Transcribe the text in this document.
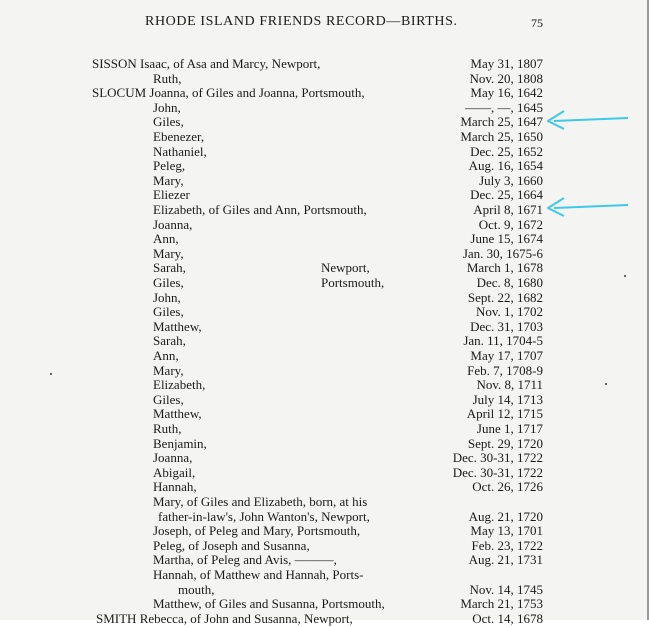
RHODE ISLAND FRIENDS RECORD—BIRTHS.	75
SISSON Isaac, of Asa and Marcy, Newport,	May 31, 1807
Ruth,	Nov. 20, 1808
SLOCUM Joanna, of Giles and Joanna, Portsmouth,	May 16, 1642
John,	——, —, 1645
Giles,	March 25, 1647
Ebenezer,	March 25, 1650
Nathaniel,	Dec. 25, 1652
Peleg,	Aug. 16, 1654
Mary,	July 3, 1660
Eliezer	Dec. 25, 1664
Elizabeth, of Giles and Ann, Portsmouth,	April 8, 1671
Joanna,	Oct. 9, 1672
Ann,	June 15, 1674
Mary,	Jan. 30, 1675-6
Sarah,	Newport,	March 1, 1678
Giles,	Portsmouth,	Dec. 8, 1680
John,	Sept. 22, 1682
Giles,	Nov. 1, 1702
Matthew,	Dec. 31, 1703
Sarah,	Jan. 11, 1704-5
Ann,	May 17, 1707
Mary,	Feb. 7, 1708-9
Elizabeth,	Nov. 8, 1711
Giles,	July 14, 1713
Matthew,	April 12, 1715
Ruth,	June 1, 1717
Benjamin,	Sept. 29, 1720
Joanna,	Dec. 30-31, 1722
Abigail,	Dec. 30-31, 1722
Hannah,	Oct. 26, 1726
Mary, of Giles and Elizabeth, born, at his
father-in-law's, John Wanton's, Newport,	Aug. 21, 1720
Joseph, of Peleg and Mary, Portsmouth,	May 13, 1701
Peleg, of Joseph and Susanna,	Feb. 23, 1722
Martha, of Peleg and Avis, ———,	Aug. 21, 1731
Hannah, of Matthew and Hannah, Ports-
mouth,	Nov. 14, 1745
Matthew, of Giles and Susanna, Portsmouth,	March 21, 1753
SMITH Rebecca, of John and Susanna, Newport,	Oct. 14, 1678
